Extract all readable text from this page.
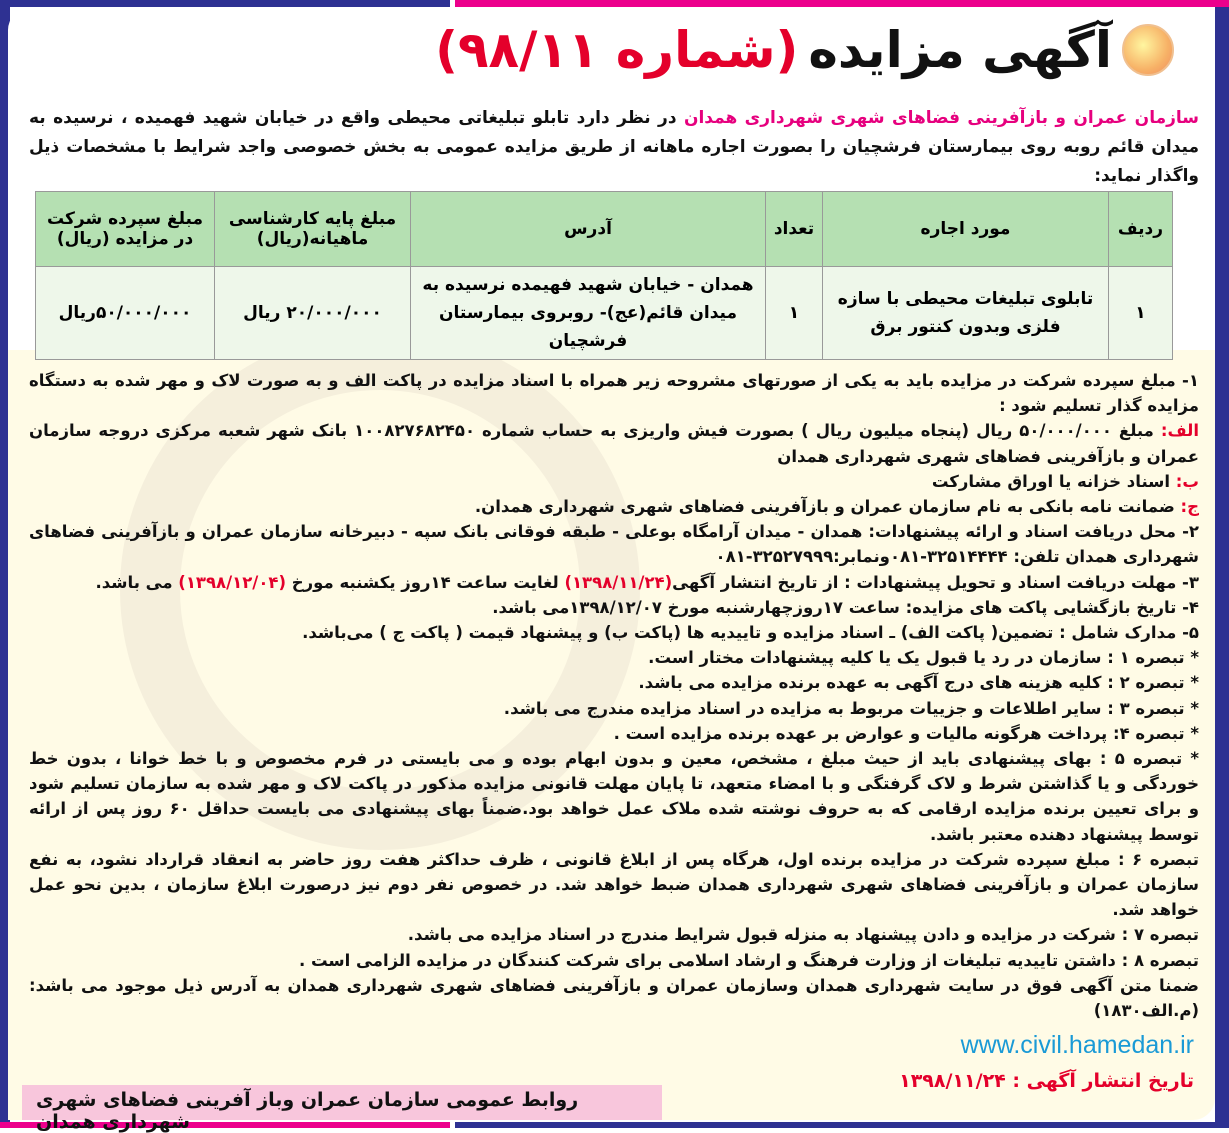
آگهی مزایده
(شماره ۹۸/۱۱)

سازمان عمران و بازآفرینی فضاهای شهری شهرداری همدان در نظر دارد تابلو تبلیغاتی محیطی واقع در خیابان شهید فهمیده ، نرسیده به میدان قائم روبه روی بیمارستان فرشچیان را بصورت اجاره ماهانه از طریق مزایده عمومی به بخش خصوصی واجد شرایط با مشخصات ذیل واگذار نماید:

ردیف	مورد اجاره	تعداد	آدرس	مبلغ پایه کارشناسی ماهیانه(ریال)	مبلغ سپرده شرکت در مزایده (ریال)
۱	تابلوی تبلیغات محیطی با سازه فلزی وبدون کنتور برق	۱	همدان - خیابان شهید فهیمده نرسیده به میدان قائم(عج)- روبروی بیمارستان فرشچیان	۲۰/۰۰۰/۰۰۰ ریال	۵۰/۰۰۰/۰۰۰ریال

۱- مبلغ سپرده شرکت در مزایده باید به یکی از صورتهای مشروحه زیر همراه با اسناد مزایده در پاکت الف و به صورت لاک و مهر شده به دستگاه مزایده گذار تسلیم شود :

الف: مبلغ ۵۰/۰۰۰/۰۰۰ ریال (پنجاه میلیون ریال ) بصورت فیش واریزی به حساب شماره ۱۰۰۸۲۷۶۸۲۴۵۰ بانک شهر شعبه مرکزی دروجه سازمان عمران و بازآفرینی فضاهای شهری شهرداری همدان

ب: اسناد خزانه یا اوراق مشارکت

ج: ضمانت نامه بانکی به نام سازمان عمران و بازآفرینی فضاهای شهری شهرداری همدان.

۲- محل دریافت اسناد و ارائه پیشنهادات: همدان - میدان آرامگاه بوعلی - طبقه فوقانی بانک سپه - دبیرخانه سازمان عمران و بازآفرینی فضاهای شهرداری همدان تلفن: ۳۲۵۱۴۴۴۴-۰۸۱ونمابر:۳۲۵۲۷۹۹۹-۰۸۱

۳- مهلت دریافت اسناد و تحویل پیشنهادات : از تاریخ انتشار آگهی(۱۳۹۸/۱۱/۲۴) لغایت ساعت ۱۴روز یکشنبه مورخ (۱۳۹۸/۱۲/۰۴) می باشد.

۴- تاریخ بازگشایی پاکت های مزایده: ساعت ۱۷روزچهارشنبه مورخ ۱۳۹۸/۱۲/۰۷می باشد.

۵- مدارک شامل : تضمین( پاکت الف) ـ اسناد مزایده و تاییدیه ها (پاکت ب) و پیشنهاد قیمت ( پاکت ج ) می‌باشد.

* تبصره ۱ : سازمان در رد یا قبول یک یا کلیه پیشنهادات مختار است.

* تبصره ۲ : کلیه هزینه های درج آگهی به عهده برنده مزایده می باشد.

* تبصره ۳ : سایر اطلاعات و جزییات مربوط به مزایده در اسناد مزایده مندرج می باشد.

* تبصره ۴: پرداخت هرگونه مالیات و عوارض بر عهده برنده مزایده است .

* تبصره ۵ : بهای پیشنهادی باید از حیث مبلغ ، مشخص، معین و بدون ابهام بوده و می بایستی در فرم مخصوص و با خط خوانا ، بدون خط خوردگی و یا گذاشتن شرط و لاک گرفتگی و با امضاء متعهد، تا پایان مهلت قانونی مزایده مذکور در پاکت لاک و مهر شده به سازمان تسلیم شود و برای تعیین برنده مزایده ارقامی که به حروف نوشته شده ملاک عمل خواهد بود.ضمناً بهای پیشنهادی می بایست حداقل ۶۰ روز پس از ارائه توسط پیشنهاد دهنده معتبر باشد.

تبصره ۶ : مبلغ سپرده شرکت در مزایده برنده اول، هرگاه پس از ابلاغ قانونی ، ظرف حداکثر هفت روز حاضر به انعقاد قرارداد نشود، به نفع سازمان عمران و بازآفرینی فضاهای شهری شهرداری همدان ضبط خواهد شد. در خصوص نفر دوم نیز درصورت ابلاغ سازمان ، بدین نحو عمل خواهد شد.

تبصره ۷ : شرکت در مزایده و دادن پیشنهاد به منزله قبول شرایط مندرج در اسناد مزایده می باشد.

تبصره ۸ : داشتن تاییدیه تبلیغات از وزارت فرهنگ و ارشاد اسلامی برای شرکت کنندگان در مزایده الزامی است .

ضمنا متن آگهی فوق در سایت شهرداری همدان وسازمان عمران و بازآفرینی فضاهای شهری شهرداری همدان به آدرس ذیل موجود می باشد:(م.الف۱۸۳۰)

www.civil.hamedan.ir
تاریخ انتشار آگهی : ۱۳۹۸/۱۱/۲۴
روابط عمومی سازمان عمران وباز آفرینی فضاهای شهری شهرداری همدان
